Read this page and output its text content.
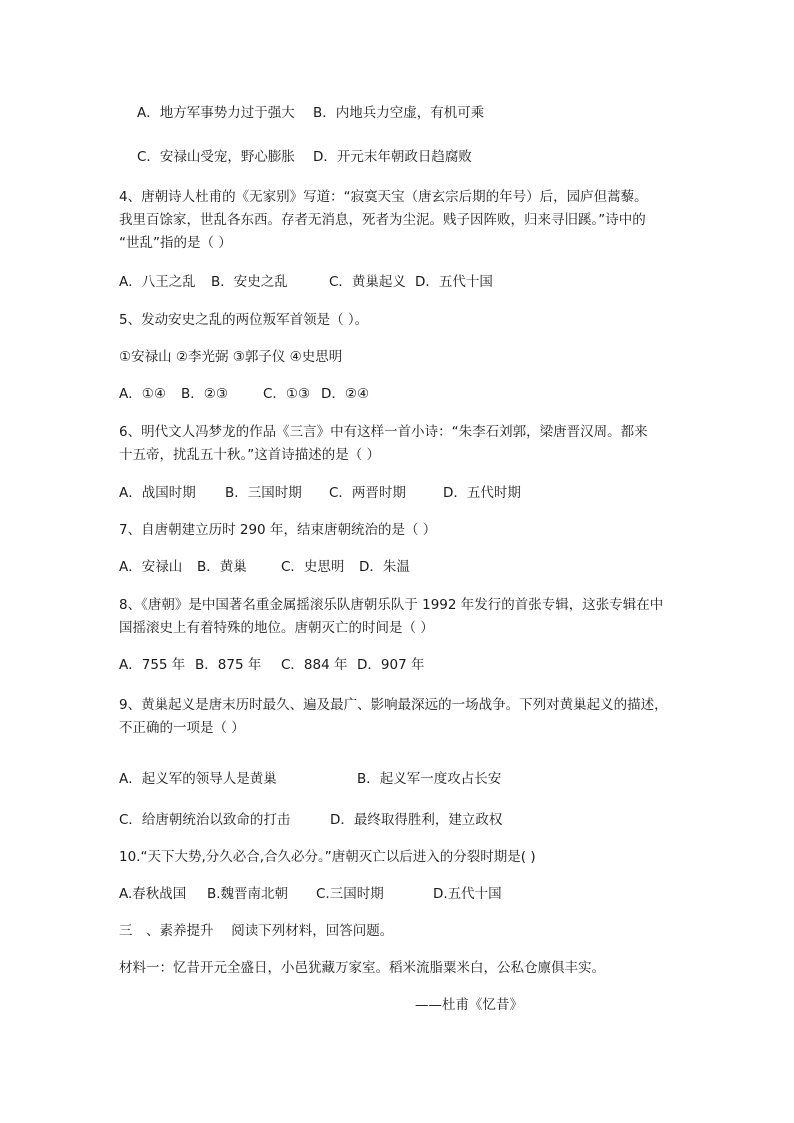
A．地方军事势力过于强大 B．内地兵力空虚，有机可乘
C．安禄山受宠，野心膨胀 D．开元末年朝政日趋腐败

4、唐朝诗人杜甫的《无家别》写道：“寂寞天宝（唐玄宗后期的年号）后，园庐但蒿藜。

我里百馀家，世乱各东西。存者无消息，死者为尘泥。贱子因阵败，归来寻旧蹊。”诗中的

“世乱”指的是（ ）

A．八王之乱 B．安史之乱	C．黄巢起义 D．五代十国

5、发动安史之乱的两位叛军首领是（ ）。

①安禄山 ②李光弼 ③郭子仪 ④史思明

A．①④ B．②③	C．①③ D．②④

6、明代文人冯梦龙的作品《三言》中有这样一首小诗：“朱李石刘郭，梁唐晋汉周。都来

十五帝，扰乱五十秋。”这首诗描述的是（ ）

A．战国时期 B．三国时期 C．两晋时期	D．五代时期

7、自唐朝建立历时 290 年，结束唐朝统治的是（ ）

A．安禄山 B．黄巢	C．史思明 D．朱温

8、《唐朝》是中国著名重金属摇滚乐队唐朝乐队于 1992 年发行的首张专辑，这张专辑在中

国摇滚史上有着特殊的地位。唐朝灭亡的时间是（ ）

A．755 年 B．875 年 C．884 年 D．907 年

9、黄巢起义是唐末历时最久、遍及最广、影响最深远的一场战争。下列对黄巢起义的描述，

不正确的一项是（ ）

A．起义军的领导人是黄巢	B．起义军一度攻占长安
C．给唐朝统治以致命的打击	D．最终取得胜利，建立政权

10.“天下大势,分久必合,合久必分。”唐朝灭亡以后进入的分裂时期是( )

A.春秋战国 B.魏晋南北朝 C.三国时期	D.五代十国

三　、素养提升　 阅读下列材料，回答问题。

材料一：忆昔开元全盛日，小邑犹藏万家室。稻米流脂粟米白，公私仓廪俱丰实。

——杜甫《忆昔》
